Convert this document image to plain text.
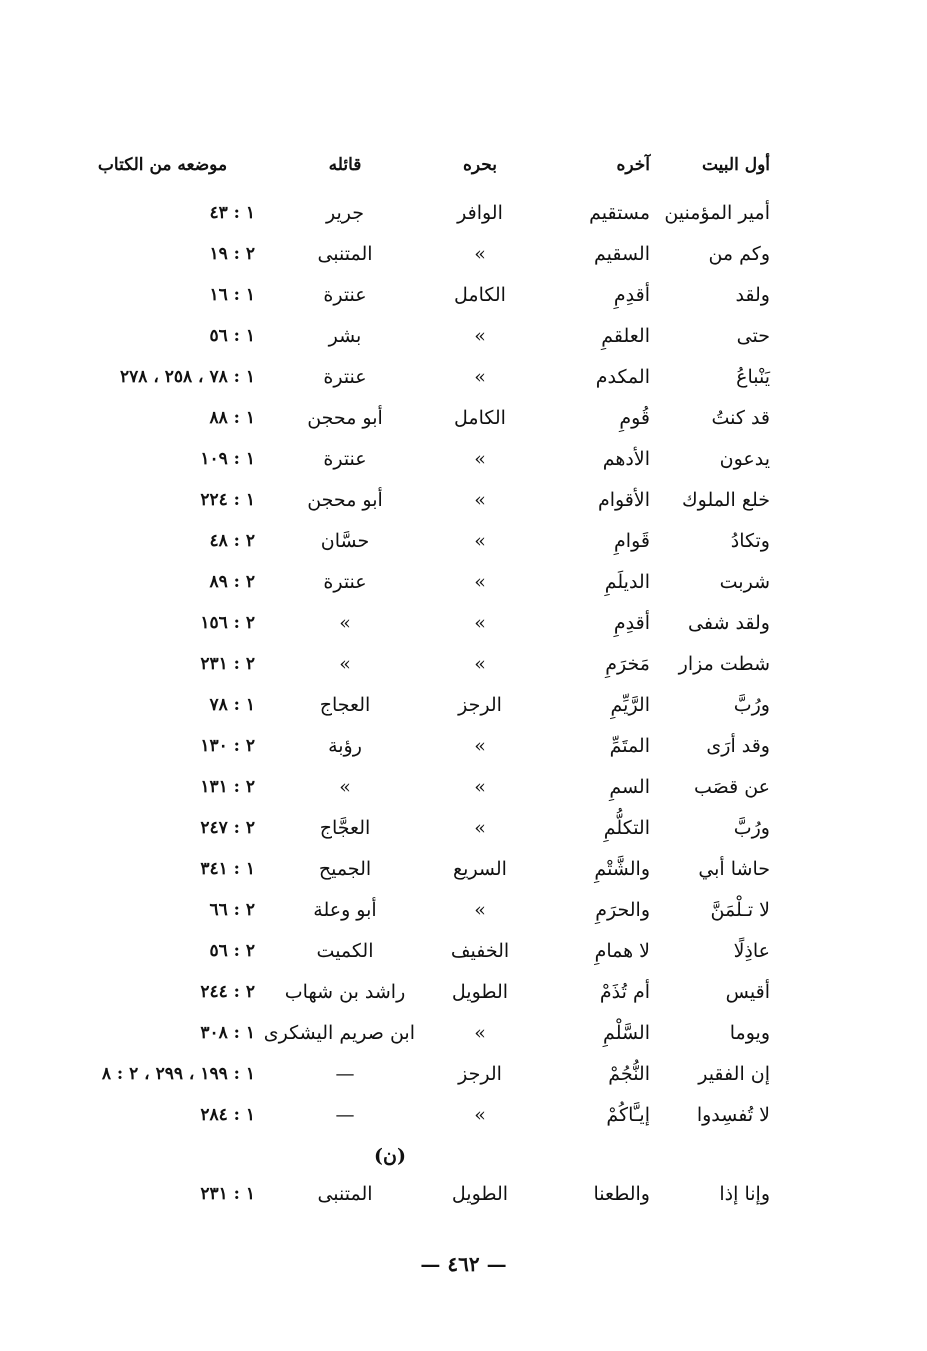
أول البيت
آخره
بحره
قائله
موضعه من الكتاب
أمير المؤمنين
مستقيم
الوافر
جرير
١ : ٤٣
وكم من
السقيم
»
المتنبى
٢ : ١٩
ولقد
أقدِمِ
الكامل
عنترة
١ : ١٦
حتى
العلقمِ
»
بشر
١ : ٥٦
يَنْباعُ
المكدم
»
عنترة
١ : ٧٨ ، ٢٥٨ ، ٢٧٨
قد كنتُ
قُومِ
الكامل
أبو محجن
١ : ٨٨
يدعون
الأدهم
»
عنترة
١ : ١٠٩
خلع الملوك
الأقوام
»
أبو محجن
١ : ٢٢٤
وتكادُ
قَوامِ
»
حسَّان
٢ : ٤٨
شربت
الديلَمِ
»
عنترة
٢ : ٨٩
ولقد شفى
أقدِمِ
»
»
٢ : ١٥٦
شطت مزار
مَخرَمِ
»
»
٢ : ٢٣١
ورُبَّ
الرَّيِّمِ
الرجز
العجاج
١ : ٧٨
وقد أرَى
المتَمِّ
»
رؤبة
٢ : ١٣٠
عن قصَب
السمِ
»
»
٢ : ١٣١
ورُبَّ
التكلُّمِ
»
العجَّاج
٢ : ٢٤٧
حاشا أبي
والشَّتْمِ
السريع
الجميح
١ : ٣٤١
لا تـلْمَنَّ
والحرَمِ
»
أبو وعلة
٢ : ٦٦
عاذِلًا
لا همامِ
الخفيف
الكميت
٢ : ٥٦
أقيس
أم تُذَمْ
الطويل
راشد بن شهاب
٢ : ٢٤٤
ويوما
السَّلْمِ
»
ابن صريم اليشكرى
١ : ٣٠٨
إن الفقير
النُّجُمْ
الرجز
—
١ : ١٩٩ ، ٢٩٩ ، ٢ : ٨
لا تُفسِدوا
إيـَّاكُمْ
»
—
١ : ٢٨٤
(ن)
وإنا إذا
والطعنا
الطويل
المتنبى
١ : ٢٣١
— ٤٦٢ —
